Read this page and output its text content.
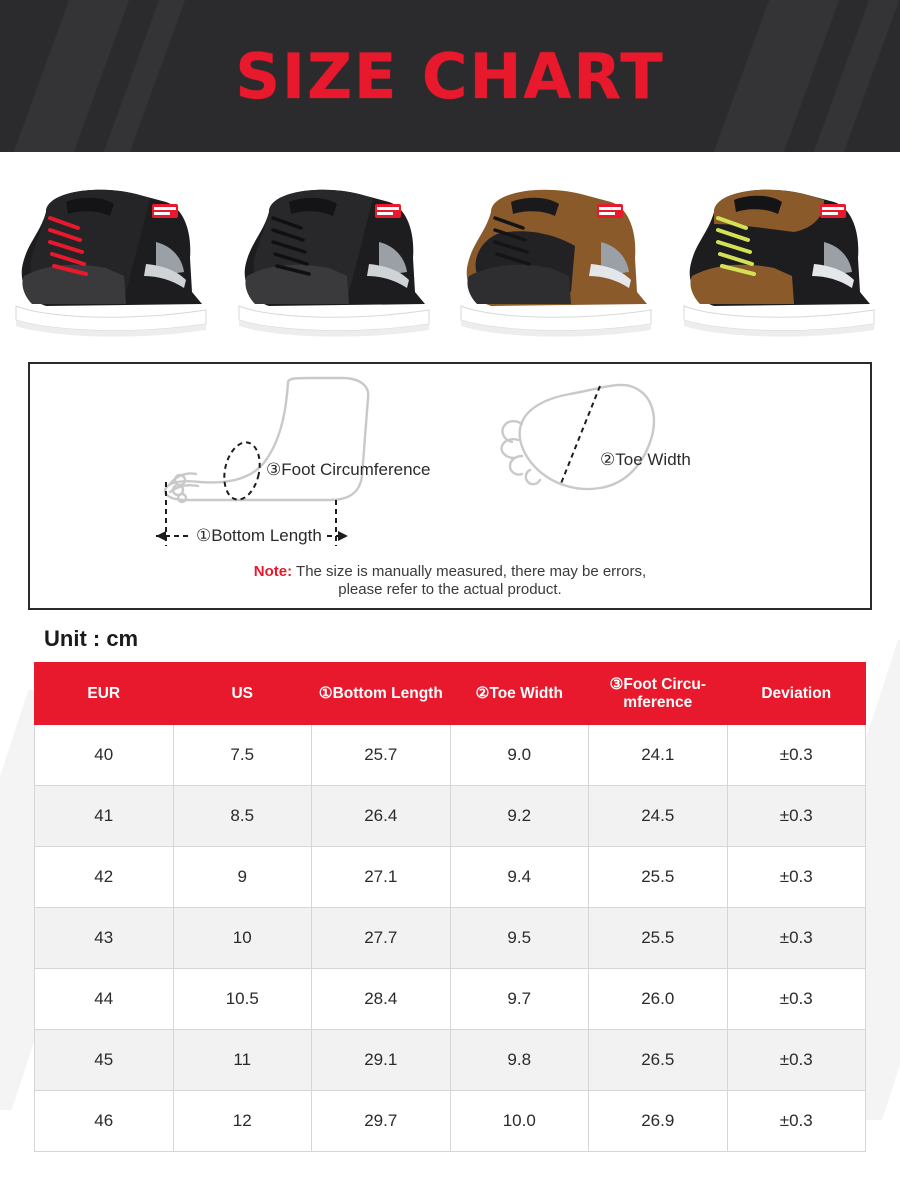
SIZE CHART
③Foot Circumference
②Toe Width
①Bottom Length
Note: The size is manually measured, there may be errors,
please refer to the actual product.
Unit : cm
EUR	US	①Bottom Length	②Toe Width	③Foot Circu-mference	Deviation
40	7.5	25.7	9.0	24.1	±0.3
41	8.5	26.4	9.2	24.5	±0.3
42	9	27.1	9.4	25.5	±0.3
43	10	27.7	9.5	25.5	±0.3
44	10.5	28.4	9.7	26.0	±0.3
45	11	29.1	9.8	26.5	±0.3
46	12	29.7	10.0	26.9	±0.3
